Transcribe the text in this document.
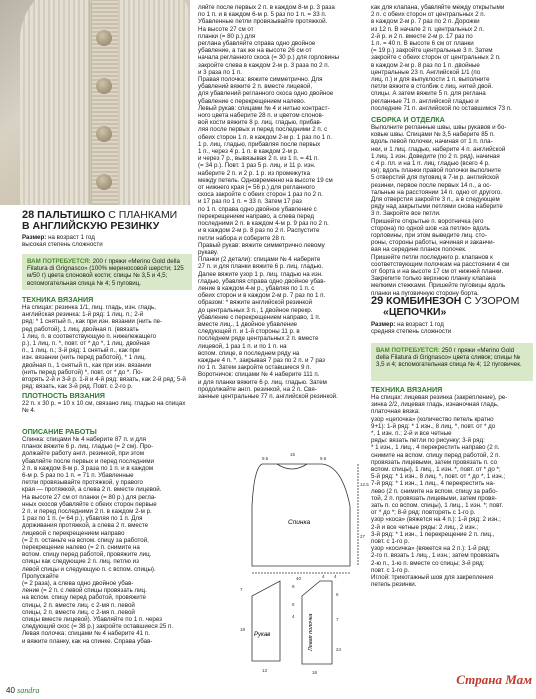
28 ПАЛЬТИШКО С ПЛАНКАМИ
В АНГЛИЙСКУЮ РЕЗИНКУ
Размер: на возраст 1 год
высокая степень сложности
ВАМ ПОТРЕБУЕТСЯ: 200 г пряжи «Merino Gold della Filatura di Grignasco» (100% мериносовой шерсти; 125 м/50 г) цвета слоновой кости; спицы № 3,5 и 4,5; вспомогательная спица № 4; 5 пуговиц.
ТЕХНИКА ВЯЗАНИЯ
На спицах: резинка 1/1, лиц. гладь, изн. гладь,
английская резинка: 1-й ряд: 1 лиц. п.; 2-й
ряд: * 1 снятый п., как при изн. вязании (нить пе-
ред работой), 1 лиц. двойная п. (ввязать
1 лиц. п. в соответствующую п. нижележащего
р.), 1 лиц. п. *, повт. от * до *, 1 лиц. двойная
п., 1 лиц. п.; 3-й ряд: 1 снятый п., как при
изн. вязании (нить перед работой), * 1 лиц.
двойная п., 1 снятый п., как при изн. вязании
(нить перед работой) *, повт. от * до *. По-
вторять 2-й и 3-й р. 1-й и 4-й ряд: вязать, как 2-й ряд; 5-й
ряд: вязать, как 3-й ряд. Повт. с 2-го р.
ПЛОТНОСТЬ ВЯЗАНИЯ
22 п. х 30 р. = 10 х 10 см, связано лиц. гладью на спицах № 4.
ОПИСАНИЕ РАБОТЫ
Спинка: спицами № 4 наберите 87 п. и для
планок вяжите 6 р. лиц. гладью (= 2 см). Про-
должайте работу англ. резинкой, при этом
убавляйте после первых и перед последними
2 п. в каждом 8-м р. 3 раза по 1 п. и в каждом
6-м р. 5 раз по 1 п. = 71 п. Убавленные
петли провязывайте протяжкой, у правого
края — протяжкой, а слева 2 п. вместе лицевой.
На высоте 27 см от планки (= 80 р.) для регла-
нных скосов убавляйте с обеих сторон первые
2 п. и перед последними 2 п. в каждом 2-м р.
1 раз по 1 п. (= 64 р.), убавляя по 1 п. Для
дорживания протяжкой, а слева 2 п. вместе
лицевой с перекрещением направо
(= 2 п. останьте на вспом. спицу за работой,
перекрещение налево (= 2 п. снимите на
вспом. спицу перед работой, провяжите лиц.
спицы как следующие 2 п. лиц. петлю из
левой спицы и следующую п. с вспом. спицы). Пропускайте
(= 2 раза), а слева одно двойное убав-
ление (= 2 п. с левой спицы провязать лиц.
на вспом. спицу перед работой, провяжите
спицы, 2 п. вместе лиц. с 2-мя п. левой
спицы, 2 п. вместе лиц. с 2-мя п. левой
спицы вместе лицевой). Убавляйте по 1 п. через
следующий скос (= 38 р.) закройте оставшиеся 25 п.
Левая полочка: спицами № 4 наберите 41 п.
и вяжите планку, как на спинке. Справа убав-
ляйте после первых 2 п. в каждом 8-м р. 3 раза
по 1 п. и в каждом 6-м р. 5 раз по 1 п. = 33 п.
Убавленные петли провязывайте протяжкой.
На высоте 27 см от
планки (= 80 р.) для
реглана убавляйте справа одно двойное
убавление, а так же на высоте 26 см от
начала регланного скоса (= 30 р.) для горловины
закройте слева в каждом 2-м р. 3 раза по 2 п.
и 3 раза по 1 п.
Правая полочка: вяжите симметрично. Для
убавлений вяжите 2 п. вместе лицевой,
для убавлений регланного скоса одно двойное
убавление с перекрещением налево.
Левый рукав: спицами № 4 и нитью контраст-
ного цвета наберите 28 п. и цветом слонов-
вой кости вяжите 8 р. лиц. гладью, прибав-
ляя после первых и перед последними 2 п. с
обеих сторон 1 п. в каждом 2-м р. 1 раз по 1 п.
1 р. лиц. гладью, прибавляя после первых
1 п., через 4 р. 1 п. в каждом 2-м р.
и через 7 р., вывязывая 2 п. из 1 п. = 41 п.
(= 34 р.). Повт. 1 раз 5 р. лиц. и 11 р. изн.
наберите 2 п. и 2 р. 1 р. из промежутка
между петель. Одновременно на высоте 19 см
от нижнего края (= 56 р.) для регланного
скоса закройте с обеих сторон 1 раз по 2 п.
и 17 раз по 1 п. = 33 п. Затем 17 раз
по 1 п. справа одно двойное убавление с
перекрещением направо, а слева перед
последними 2 п. в каждом 4-м р. 9 раз по 2 п.
и в каждом 2-м р. 8 раз по 2 п. Распустите
петли набора и соберите 28 п.
Правый рукав: вяжите симметрично левому
рукаву.
Планки (2 детали): спицами № 4 наберите
27 п. и для планки вяжите 6 р. лиц. гладью.
Далее вяжите узор 1 р. лиц. гладью на изн.
гладью, убавляя справа одно двойное убав-
ление в каждом 4-м р., убавляя по 1 п. с
обеих сторон и в каждом 2-м р. 7 раз по 1 п.
образом: * вяжите английской резинкой
до центральных 3 п., 1 двойное перекр.
убавление с перекрещением направо, 1 п.
вместе лиц., 1 двойное убавление
следующей п. и 1-й стороны 11 р. в
последнем ряде центральных 2 п. вместе
лицевой, 1 раз 1 п. и по 1 п. на
вспом. спице, в последнем ряду на
каждые 4 п. *. закрывая 7 раз по 2 п. и 7 раз
по 1 п. Затем закройте оставшиеся 9 п.
Воротничок: спицами № 4 наберите 111 п.
и для планки вяжите 6 р. лиц. гладью. Затем
продолжайте англ. резинкой, на 2 п. Свя-
занные центральные 77 п. английской резинкой.
Спинка
Рукав	Левая полочка
9.5
15
9.5
12.5
27
40
13
7
9
4 4
6
19
7
24
18
5
4
как для клапана, убавляйте между открытыми
2 п. с обеих сторон от центральных 2 п.
в каждом 2-м р. 7 раз по 2 п. Дорожки
из 12 п. В начале 2 п. центральных 2 п.
2-й р. и 2 п. вместе 2-м р. 17 раз по
1 п. = 40 п. В высоте 6 см от планки
(= 19 р.) закройте центральные 3 п. Затем
закройте с обеих сторон от центральных 2 п.
в каждом 2-м р. 8 раз по 1 п. двойные
центральные 23 п. Английской 1/1 (по
лиц. п.) и для выпуклости 1 п. выполните
петли вяжите в столбик с лиц. нитей двой.
спицы. А затем вяжите 5 п. для реглана
регланные 71 п. английской гладью и
последние 71 п. английской по оставшимся 73 п.
СБОРКА И ОТДЕЛКА
Выполните регланные швы, швы рукавов и бо-
ковые швы. Спицами № 3,5 наберите 85 п.
вдоль левой полочки, начиная от 1 п. пла-
нки, и 1 лиц. гладью, наберите 4 п. английской
1 лиц. 1 изн. Доведите (по 2 п. ряд), начиная
с 4 р. пл. и на 1 п. лиц. гладью (всего 4 р.
ки); вдоль планки правой полочки выполните
5 отверстий для пуговиц в 7-м р. английской
резинки, первое после первых 14 п., а ос-
тальные на расстоянии 14 п. одно от другого.
Для отверстия закройте 3 п., а в следующем
ряду над закрытыми петлями снова наберите
3 п. Закройте все петли.
Пришейте открытые п. воротничка (его
сторона) по одной шов «за петлю» вдоль
горловины, при этом выведите лиц. сто-
роны, стороны работы, начиная и заканчи-
вая на середине планок полочек.
Пришейте петли последнего р. клапанов к
соответствующим полочкам на расстоянии 4 см
от борта и на высоте 17 см от нижней планки.
Закрепите только верхнюю планку клапана
мелкими стежками. Пришейте пуговицы вдоль
планки на пуговичную сторону борта.
29 КОМБИНЕЗОН С УЗОРОМ
«ЦЕПОЧКИ»
Размер: на возраст 1 год
средняя степень сложности
ВАМ ПОТРЕБУЕТСЯ: 250 г пряжи «Merino Gold della Filatura di Grignasco» цвета сливок; спицы № 3,5 и 4; вспомогательная спица № 4; 12 пуговичек.
ТЕХНИКА ВЯЗАНИЯ
На спицах: лицевая резинка (закрепление), ре-
зинка 2/2, лицевая гладь, изнаночная гладь,
платочная вязка:
узор «цепочка» (количество петель кратно
9+1): 1-й ряд: * 1 изн., 8 лиц. *, повт. от * до
*, 1 изн. п.; 2-й и все четные
ряды: вязать петли по рисунку; 3-й ряд:
* 1 изн., 1 лиц., 4 перекрестить направо (2 п.
снимите на вспом. спицу перед работой, 2 п.
провязать лицевыми, затем провязать п. со
вспом. спицы), 1 лиц., 1 изн. *, повт. от * до *;
5-й ряд: * 1 изн., 8 лиц. *, повт. от * до *, 1 изн.;
7-й ряд: * 1 изн., 1 лиц., 4 перекрестить на-
лево (2 п. снимите на вспом. спицу за рабо-
той, 2 п. провязать лицевыми, затем провя-
зать п. со вспом. спицы), 1 лиц., 1 изн. *; повт.
от * до *; 8-й ряд: повторять с 1-го р.
узор «коса» (вяжется на 4 п.): 1-й ряд: 2 изн.;
2-й и все четные ряды: 2 лиц., 2 изн.;
3-й ряд: * 1 изн., 1 перекрещение 2 п. лиц.,
повт. с 1-го р.
узор «косичка» (вяжется на 2 п.): 1-й ряд:
2-го п. вязать 1 лиц., 1 изн.; затем провязать
2-ю п., 1-ю п. вместе со спицы; 3-й ряд:
повт. с 1-го р.
Иглой: трикотажный шов для закрепления
петель резинки.
40 sandra
Страна Мам
